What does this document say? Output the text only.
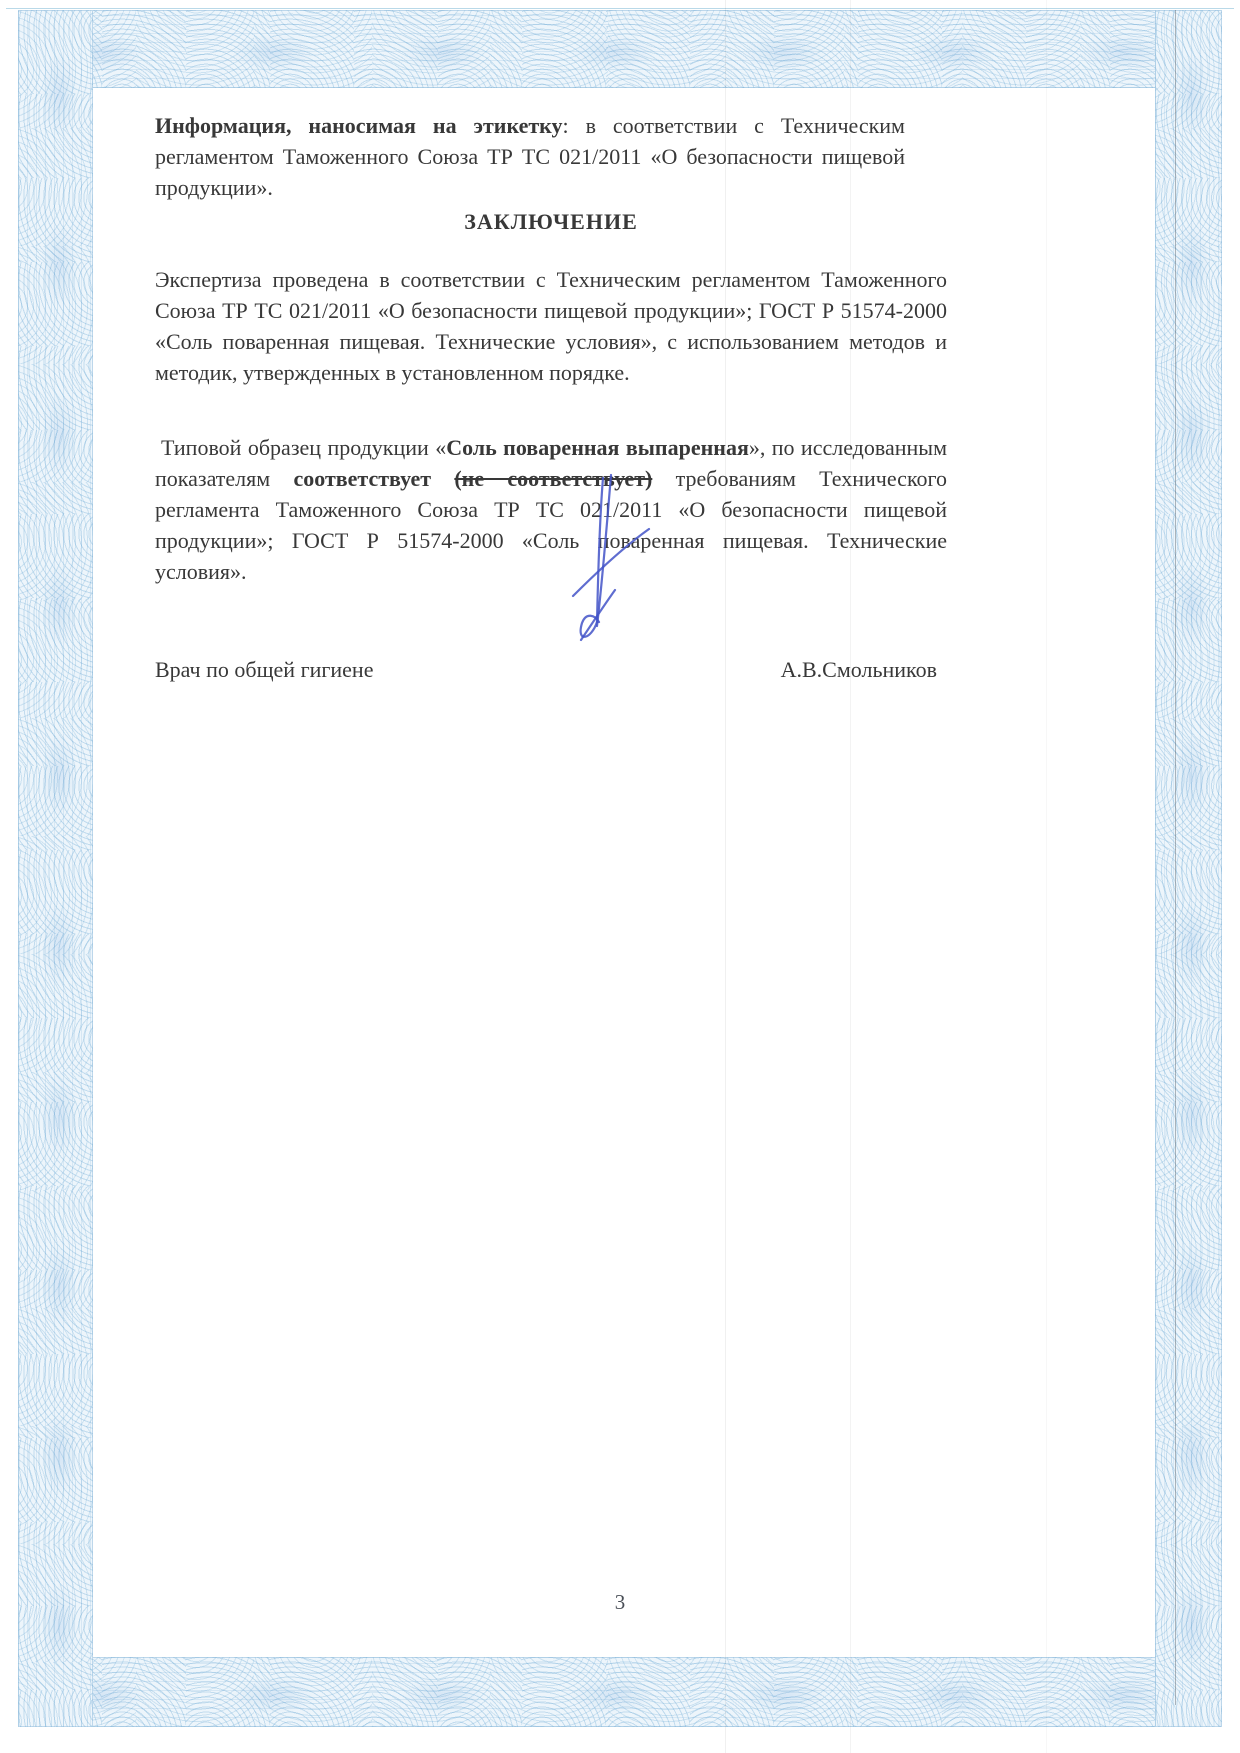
Информация, наносимая на этикетку: в соответствии с Техническим регламентом Таможенного Союза ТР ТС 021/2011 «О безопасности пищевой продукции».

ЗАКЛЮЧЕНИЕ

Экспертиза проведена в соответствии с Техническим регламентом Таможенного Союза ТР ТС 021/2011 «О безопасности пищевой продукции»; ГОСТ Р 51574-2000 «Соль поваренная пищевая. Технические условия», с использованием методов и методик, утвержденных в установленном порядке.

Типовой образец продукции «Соль поваренная выпаренная», по исследованным показателям соответствует (не соответствует) требованиям Технического регламента Таможенного Союза ТР ТС 021/2011 «О безопасности пищевой продукции»; ГОСТ Р 51574-2000 «Соль поваренная пищевая. Технические условия».

Врач по общей гигиене	А.В.Смольников
3
